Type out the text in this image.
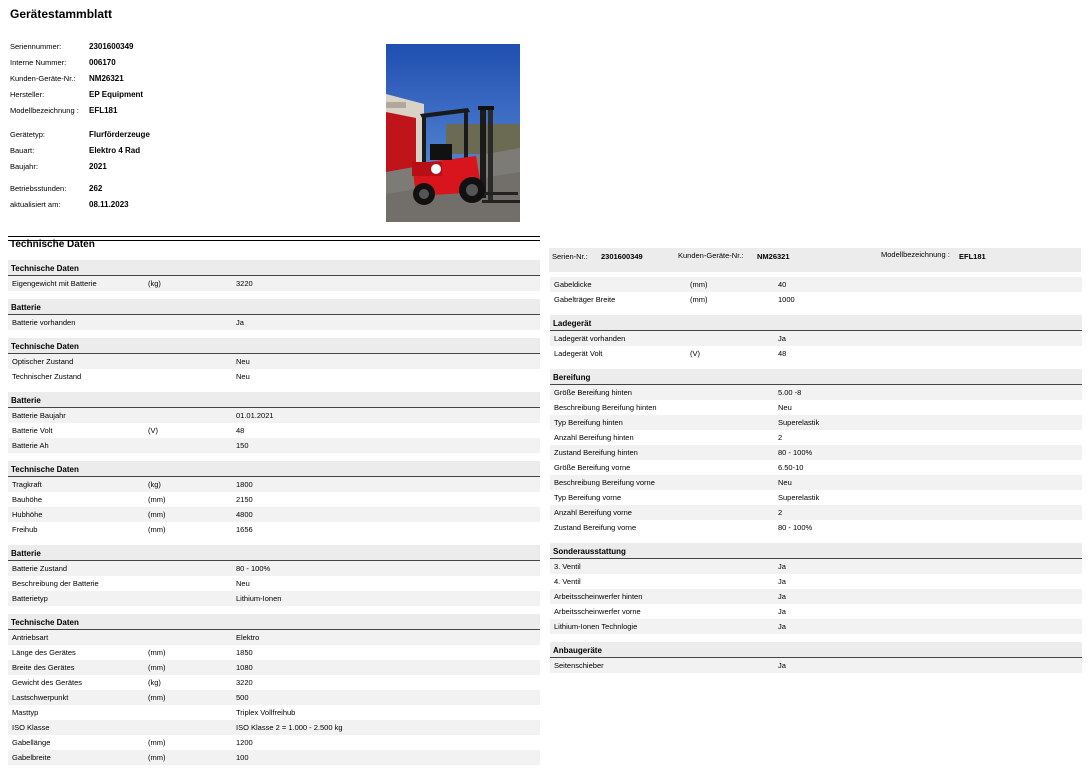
Gerätestammblatt
Seriennummer:	2301600349
Interne Nummer:	006170
Kunden-Geräte-Nr.:	NM26321
Hersteller:	EP Equipment
Modellbezeichnung :	EFL181
Gerätetyp:	Flurförderzeuge
Bauart:	Elektro 4 Rad
Baujahr:	2021
Betriebsstunden:	262
aktualisiert am:	08.11.2023
Technische Daten
Technische Daten
Eigengewicht mit Batterie	(kg)	3220
Batterie
Batterie vorhanden	Ja
Technische Daten
Optischer Zustand	Neu
Technischer Zustand	Neu
Batterie
Batterie Baujahr	01.01.2021
Batterie Volt	(V)	48
Batterie Ah	150
Technische Daten
Tragkraft	(kg)	1800
Bauhöhe	(mm)	2150
Hubhöhe	(mm)	4800
Freihub	(mm)	1656
Batterie
Batterie Zustand	80 - 100%
Beschreibung der Batterie	Neu
Batterietyp	Lithium-Ionen
Technische Daten
Antriebsart	Elektro
Länge des Gerätes	(mm)	1850
Breite des Gerätes	(mm)	1080
Gewicht des Gerätes	(kg)	3220
Lastschwerpunkt	(mm)	500
Masttyp	Triplex Vollfreihub
ISO Klasse	ISO Klasse 2 = 1.000 - 2.500 kg
Gabellänge	(mm)	1200
Gabelbreite	(mm)	100
Serien-Nr.: 2301600349	Kunden-Geräte-Nr.: NM26321	Modellbezeichnung :	EFL181
Gabeldicke	(mm)	40
Gabelträger Breite	(mm)	1000
Ladegerät
Ladegerät vorhanden	Ja
Ladegerät Volt	(V)	48
Bereifung
Größe Bereifung hinten	5.00 -8
Beschreibung Bereifung hinten	Neu
Typ Bereifung hinten	Superelastik
Anzahl Bereifung hinten	2
Zustand Bereifung hinten	80 - 100%
Größe Bereifung vorne	6.50-10
Beschreibung Bereifung vorne	Neu
Typ Bereifung vorne	Superelastik
Anzahl Bereifung vorne	2
Zustand Bereifung vorne	80 - 100%
Sonderausstattung
3. Ventil	Ja
4. Ventil	Ja
Arbeitsscheinwerfer hinten	Ja
Arbeitsscheinwerfer vorne	Ja
Lithium-Ionen Technlogie	Ja
Anbaugeräte
Seitenschieber	Ja
